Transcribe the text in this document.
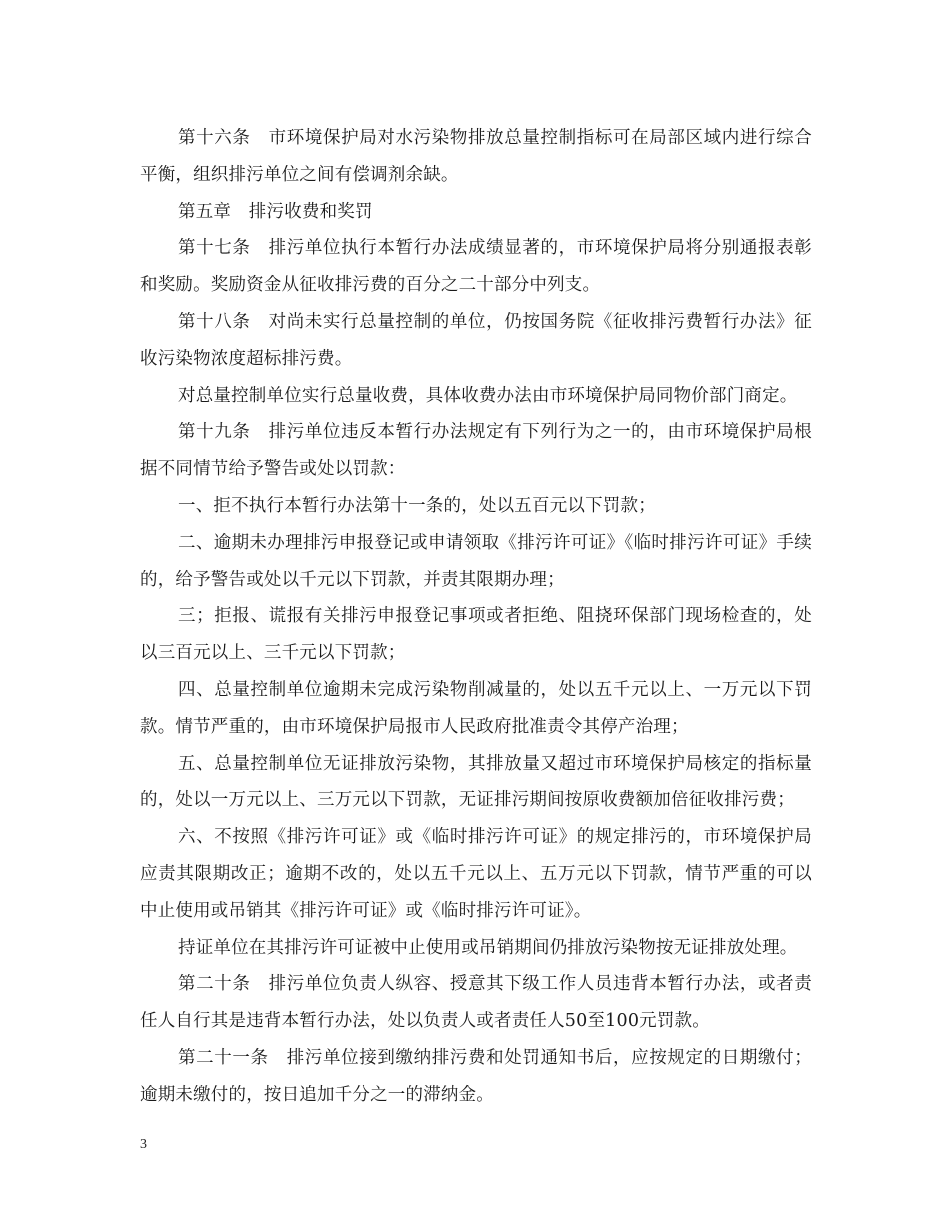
第十六条　市环境保护局对水污染物排放总量控制指标可在局部区域内进行综合平衡，组织排污单位之间有偿调剂余缺。

第五章　排污收费和奖罚

第十七条　排污单位执行本暂行办法成绩显著的，市环境保护局将分别通报表彰和奖励。奖励资金从征收排污费的百分之二十部分中列支。

第十八条　对尚未实行总量控制的单位，仍按国务院《征收排污费暂行办法》征收污染物浓度超标排污费。

对总量控制单位实行总量收费，具体收费办法由市环境保护局同物价部门商定。

第十九条　排污单位违反本暂行办法规定有下列行为之一的，由市环境保护局根据不同情节给予警告或处以罚款：

一、拒不执行本暂行办法第十一条的，处以五百元以下罚款；

二、逾期未办理排污申报登记或申请领取《排污许可证》《临时排污许可证》手续的，给予警告或处以千元以下罚款，并责其限期办理；

三；拒报、谎报有关排污申报登记事项或者拒绝、阻挠环保部门现场检查的，处以三百元以上、三千元以下罚款；

四、总量控制单位逾期未完成污染物削减量的，处以五千元以上、一万元以下罚款。情节严重的，由市环境保护局报市人民政府批准责令其停产治理；

五、总量控制单位无证排放污染物，其排放量又超过市环境保护局核定的指标量的，处以一万元以上、三万元以下罚款，无证排污期间按原收费额加倍征收排污费；

六、不按照《排污许可证》或《临时排污许可证》的规定排污的，市环境保护局应责其限期改正；逾期不改的，处以五千元以上、五万元以下罚款，情节严重的可以中止使用或吊销其《排污许可证》或《临时排污许可证》。

持证单位在其排污许可证被中止使用或吊销期间仍排放污染物按无证排放处理。

第二十条　排污单位负责人纵容、授意其下级工作人员违背本暂行办法，或者责任人自行其是违背本暂行办法，处以负责人或者责任人50至100元罚款。

第二十一条　排污单位接到缴纳排污费和处罚通知书后，应按规定的日期缴付；逾期未缴付的，按日追加千分之一的滞纳金。

3
